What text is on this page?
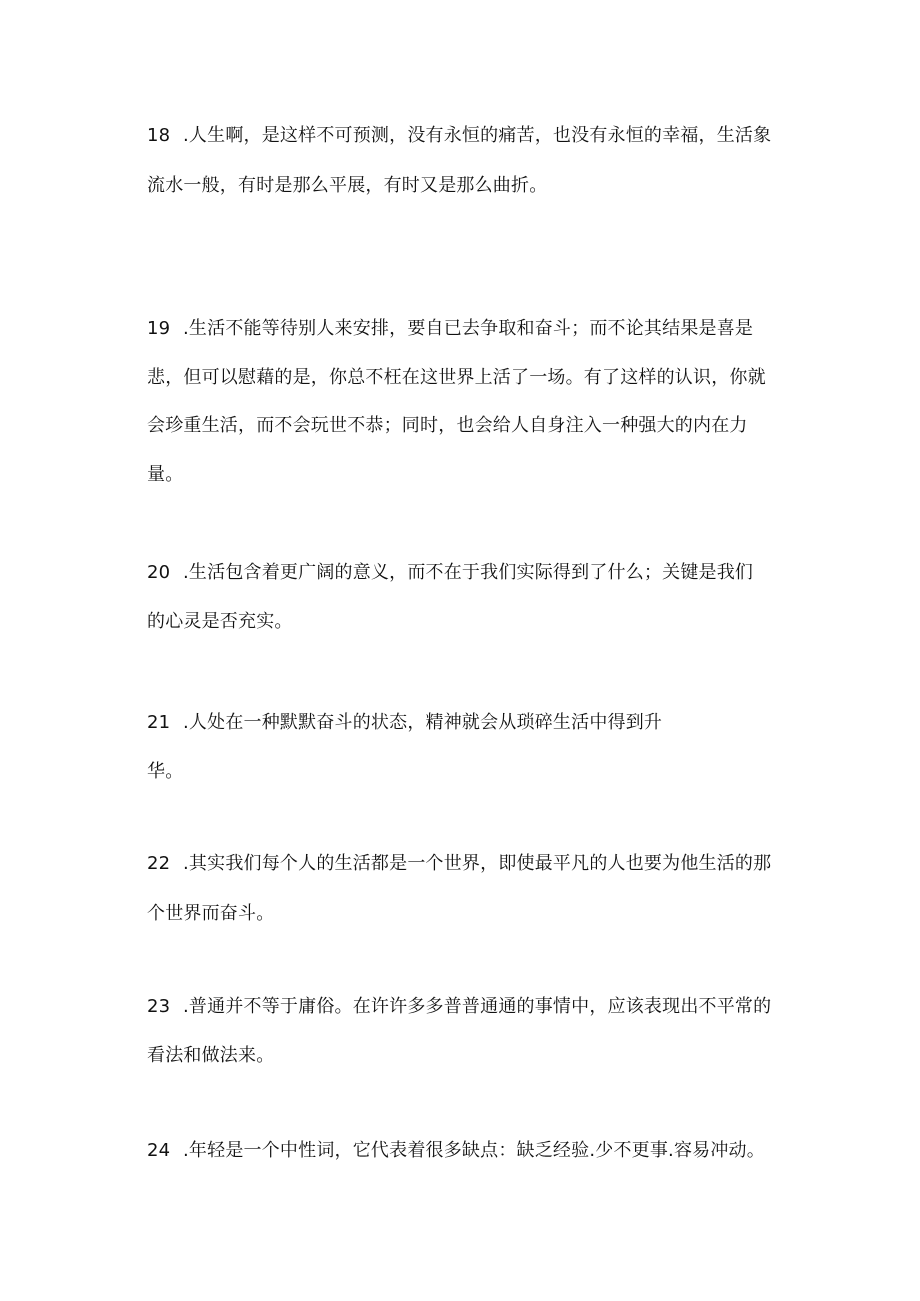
18 .人生啊，是这样不可预测，没有永恒的痛苦，也没有永恒的幸福，生活象
流水一般，有时是那么平展，有时又是那么曲折。
19 .生活不能等待别人来安排，要自已去争取和奋斗；而不论其结果是喜是
悲，但可以慰藉的是，你总不枉在这世界上活了一场。有了这样的认识，你就
会珍重生活，而不会玩世不恭；同时，也会给人自身注入一种强大的内在力
量。
20 .生活包含着更广阔的意义，而不在于我们实际得到了什么；关键是我们
的心灵是否充实。
21 .人处在一种默默奋斗的状态，精神就会从琐碎生活中得到升
华。
22 .其实我们每个人的生活都是一个世界，即使最平凡的人也要为他生活的那
个世界而奋斗。
23 .普通并不等于庸俗。在许许多多普普通通的事情中，应该表现出不平常的
看法和做法来。
24 .年轻是一个中性词，它代表着很多缺点：缺乏经验.少不更事.容易冲动。
